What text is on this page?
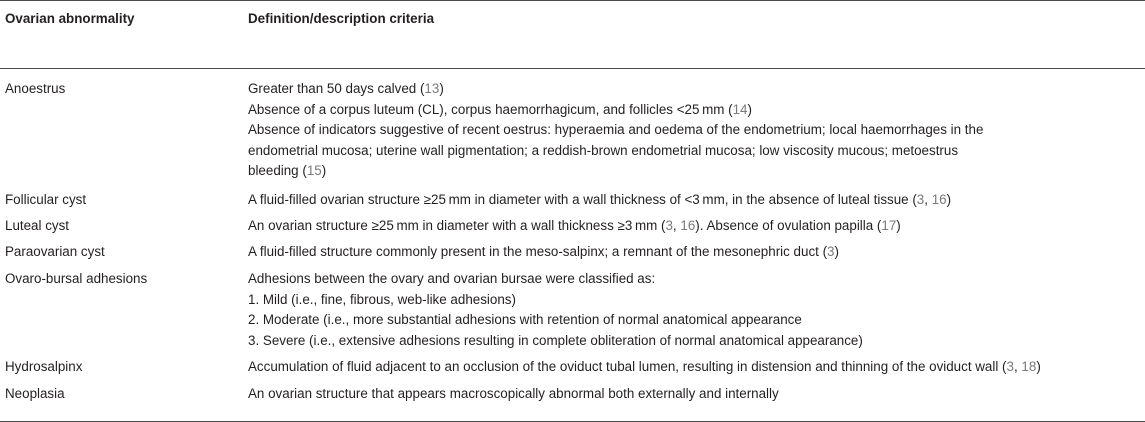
Ovarian abnormality	Definition/description criteria
Anoestrus	Greater than 50 days calved (13)
Absence of a corpus luteum (CL), corpus haemorrhagicum, and follicles <25 mm (14)
Absence of indicators suggestive of recent oestrus: hyperaemia and oedema of the endometrium; local haemorrhages in the
endometrial mucosa; uterine wall pigmentation; a reddish-brown endometrial mucosa; low viscosity mucous; metoestrus
bleeding (15)
Follicular cyst	A fluid-filled ovarian structure ≥25 mm in diameter with a wall thickness of <3 mm, in the absence of luteal tissue (3, 16)
Luteal cyst	An ovarian structure ≥25 mm in diameter with a wall thickness ≥3 mm (3, 16). Absence of ovulation papilla (17)
Paraovarian cyst	A fluid-filled structure commonly present in the meso-salpinx; a remnant of the mesonephric duct (3)
Ovaro-bursal adhesions	Adhesions between the ovary and ovarian bursae were classified as:
1. Mild (i.e., fine, fibrous, web-like adhesions)
2. Moderate (i.e., more substantial adhesions with retention of normal anatomical appearance
3. Severe (i.e., extensive adhesions resulting in complete obliteration of normal anatomical appearance)
Hydrosalpinx	Accumulation of fluid adjacent to an occlusion of the oviduct tubal lumen, resulting in distension and thinning of the oviduct wall (3, 18)
Neoplasia	An ovarian structure that appears macroscopically abnormal both externally and internally
